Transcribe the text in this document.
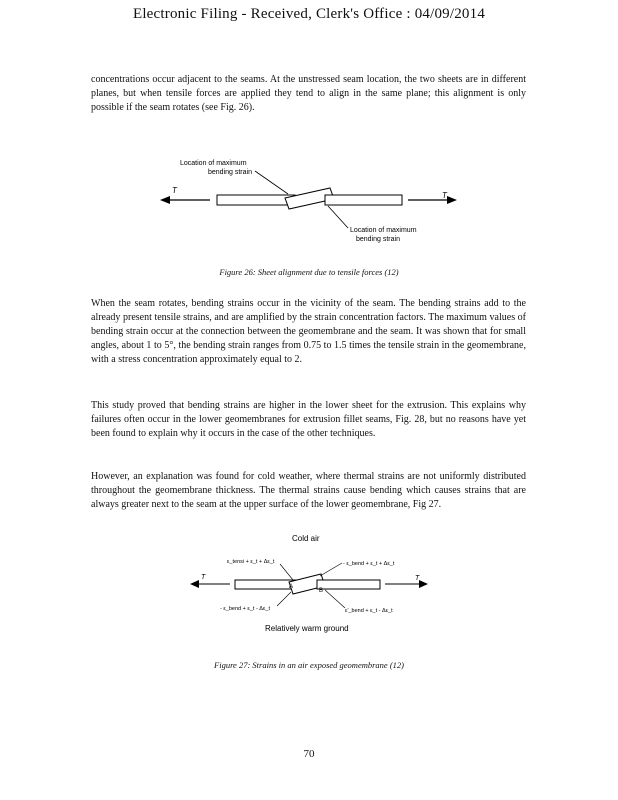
Electronic Filing - Received, Clerk's Office : 04/09/2014

concentrations occur adjacent to the seams. At the unstressed seam location, the two sheets are in different planes, but when tensile forces are applied they tend to align in the same plane; this alignment is only possible if the seam rotates (see Fig. 26).

T
T
Location of maximum
bending strain
Location of maximum
bending strain
Figure 26: Sheet alignment due to tensile forces (12)

When the seam rotates, bending strains occur in the vicinity of the seam. The bending strains add to the already present tensile strains, and are amplified by the strain concentration factors. The maximum values of bending strain occur at the connection between the geomembrane and the seam. It was shown that for small angles, about 1 to 5°, the bending strain ranges from 0.75 to 1.5 times the tensile strain in the geomembrane, with a stress concentration approximately equal to 2.

This study proved that bending strains are higher in the lower sheet for the extrusion. This explains why failures often occur in the lower geomembranes for extrusion fillet seams, Fig. 28, but no reasons have yet been found to explain why it occurs in the case of the other techniques.

However, an explanation was found for cold weather, where thermal strains are not uniformly distributed throughout the geomembrane thickness. The thermal strains cause bending which causes strains that are always greater next to the seam at the upper surface of the lower geomembrane, Fig 27.

Cold air
T	T
A
B
ε_tensi + ε_t + Δε_t	- ε_bend + ε_t + Δε_t
- ε_bend + ε_t - Δε_t	ε'_bend + ε_t - Δε_t
Relatively warm ground
Figure 27: Strains in an air exposed geomembrane (12)
70
